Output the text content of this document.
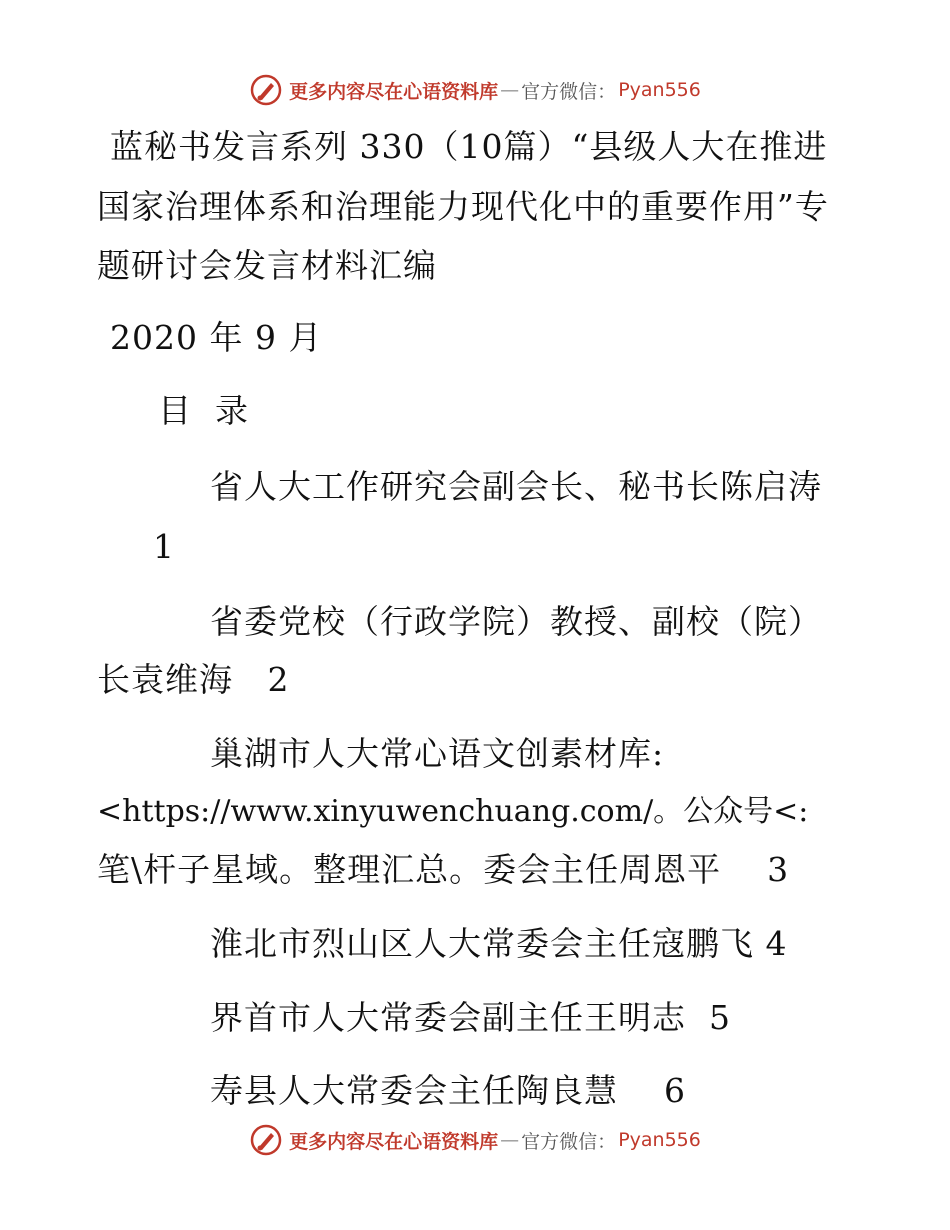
更多内容尽在心语资料库 — 官方微信： Pyan556
蓝秘书发言系列 330（10篇）“县级人大在推进
国家治理体系和治理能力现代化中的重要作用”专
题研讨会发言材料汇编
2020 年 9 月
目  录
省人大工作研究会副会长、秘书长陈启涛
1
省委党校（行政学院）教授、副校（院）
长袁维海   2
巢湖市人大常心语文创素材库:
<https://www.xinyuwenchuang.com/。公众号<:
笔\杆子星域。整理汇总。委会主任周恩平    3
淮北市烈山区人大常委会主任寇鹏飞 4
界首市人大常委会副主任王明志  5
寿县人大常委会主任陶良慧    6
更多内容尽在心语资料库 — 官方微信： Pyan556
